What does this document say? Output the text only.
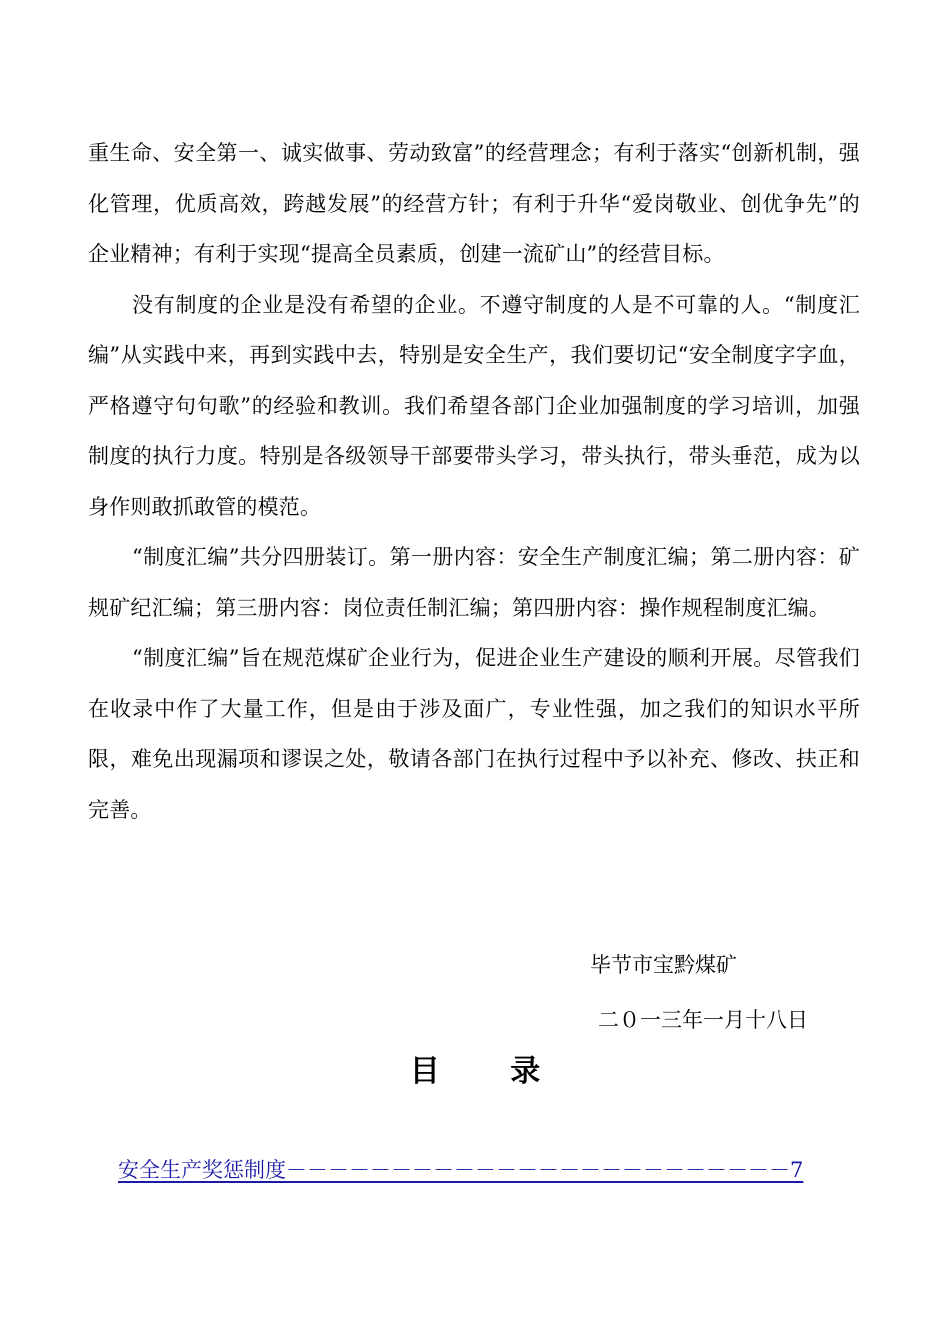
重生命、安全第一、诚实做事、劳动致富”的经营理念；有利于落实“创新机制，强化管理，优质高效，跨越发展”的经营方针；有利于升华“爱岗敬业、创优争先”的企业精神；有利于实现“提高全员素质，创建一流矿山”的经营目标。

没有制度的企业是没有希望的企业。不遵守制度的人是不可靠的人。“制度汇编”从实践中来，再到实践中去，特别是安全生产，我们要切记“安全制度字字血，严格遵守句句歌”的经验和教训。我们希望各部门企业加强制度的学习培训，加强制度的执行力度。特别是各级领导干部要带头学习，带头执行，带头垂范，成为以身作则敢抓敢管的模范。

“制度汇编”共分四册装订。第一册内容：安全生产制度汇编；第二册内容：矿规矿纪汇编；第三册内容：岗位责任制汇编；第四册内容：操作规程制度汇编。

“制度汇编”旨在规范煤矿企业行为，促进企业生产建设的顺利开展。尽管我们在收录中作了大量工作，但是由于涉及面广，专业性强，加之我们的知识水平所限，难免出现漏项和谬误之处，敬请各部门在执行过程中予以补充、修改、扶正和完善。

毕节市宝黔煤矿
二０一三年一月十八日
目 录
安全生产奖惩制度－－－－－－－－－－－－－－－－－－－－－－－－7
